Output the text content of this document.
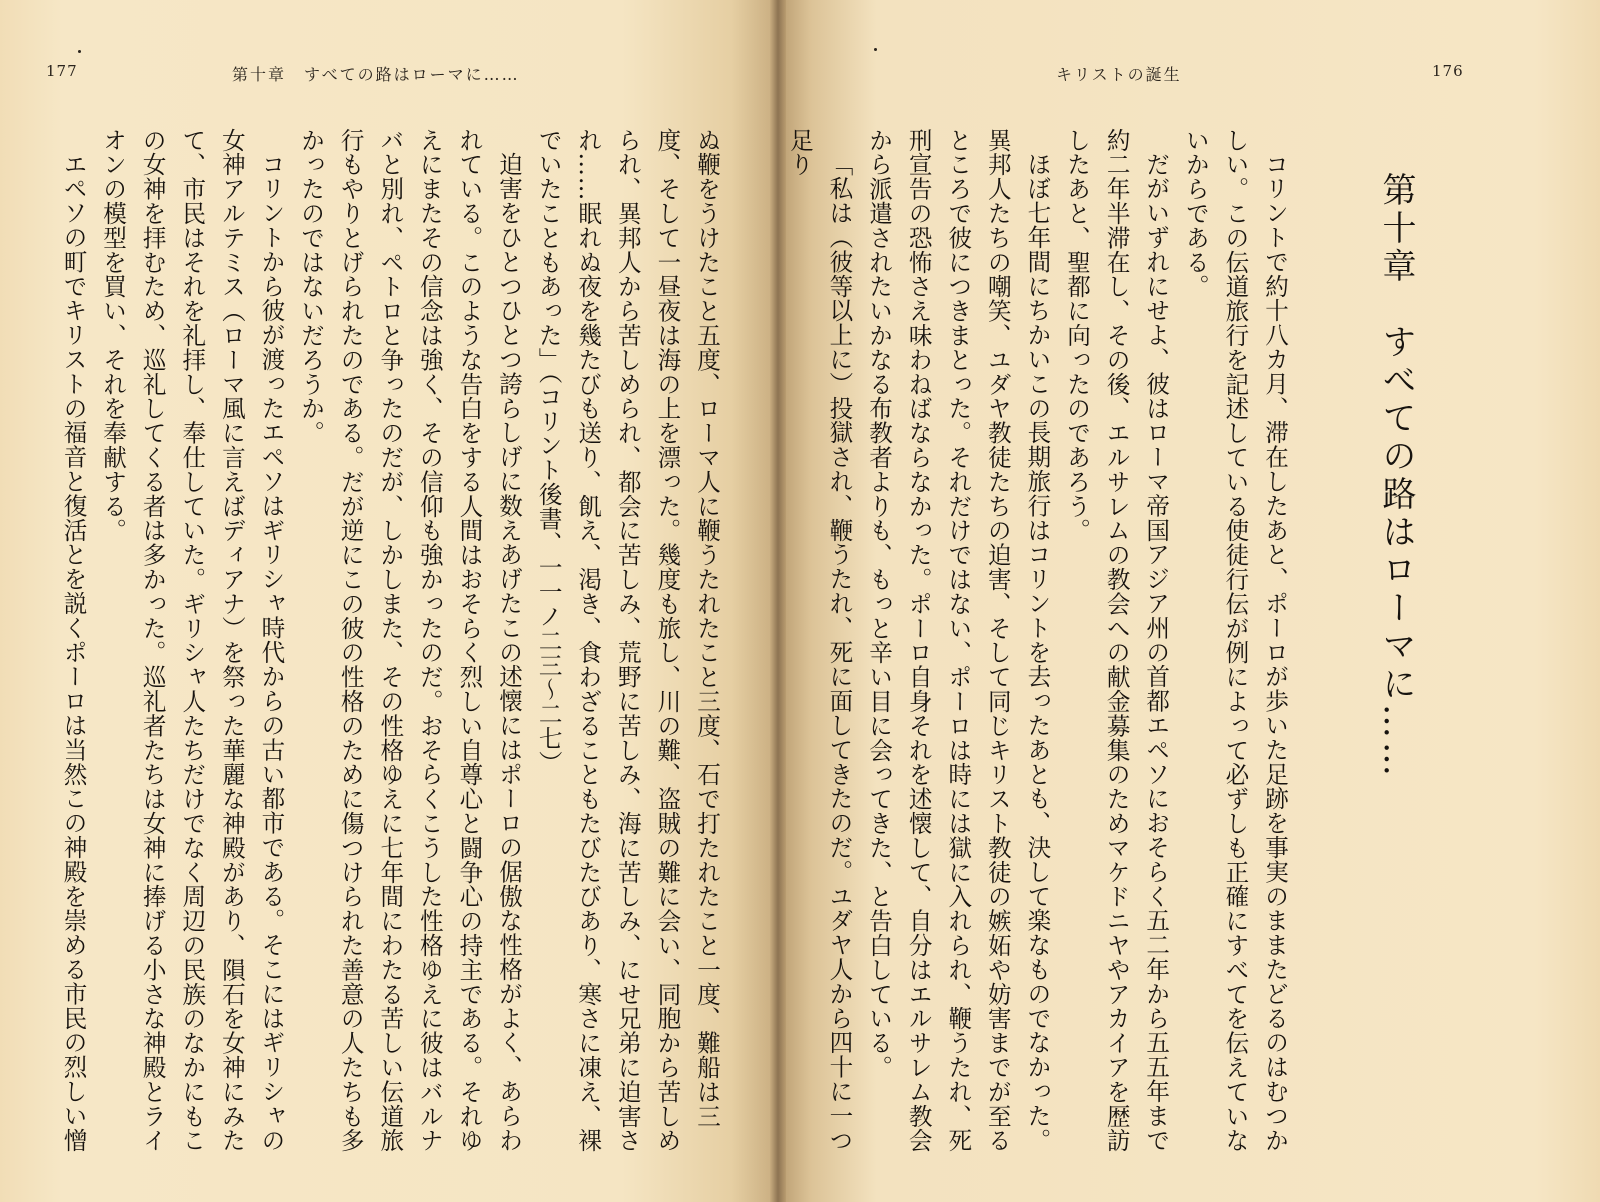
177	第十章　すべての路はローマに……

ぬ鞭をうけたこと五度、ローマ人に鞭うたれたこと三度、石で打たれたこと一度、難船は三度、そして一昼夜は海の上を漂った。幾度も旅し、川の難、盗賊の難に会い、同胞から苦しめられ、異邦人から苦しめられ、都会に苦しみ、荒野に苦しみ、海に苦しみ、にせ兄弟に迫害され……眠れぬ夜を幾たびも送り、飢え、渇き、食わざることもたびたびあり、寒さに凍え、裸でいたこともあった」（コリント後書、一一ノ二三〜二七）

迫害をひとつひとつ誇らしげに数えあげたこの述懐にはポーロの倨傲な性格がよく、あらわれている。このような告白をする人間はおそらく烈しい自尊心と闘争心の持主である。それゆえにまたその信念は強く、その信仰も強かったのだ。おそらくこうした性格ゆえに彼はバルナバと別れ、ペトロと争ったのだが、しかしまた、その性格ゆえに七年間にわたる苦しい伝道旅行もやりとげられたのである。だが逆にこの彼の性格のために傷つけられた善意の人たちも多かったのではないだろうか。

コリントから彼が渡ったエペソはギリシャ時代からの古い都市である。そこにはギリシャの女神アルテミス（ローマ風に言えばディアナ）を祭った華麗な神殿があり、隕石を女神にみたて、市民はそれを礼拝し、奉仕していた。ギリシャ人たちだけでなく周辺の民族のなかにもこの女神を拝むため、巡礼してくる者は多かった。巡礼者たちは女神に捧げる小さな神殿とライオンの模型を買い、それを奉献する。

エペソの町でキリストの福音と復活とを説くポーロは当然この神殿を崇める市民の烈しい憎

キリストの誕生	176

コリントで約十八カ月、滞在したあと、ポーロが歩いた足跡を事実のままたどるのはむつかしい。この伝道旅行を記述している使徒行伝が例によって必ずしも正確にすべてを伝えていないからである。

だがいずれにせよ、彼はローマ帝国アジア州の首都エペソにおそらく五二年から五五年まで約二年半滞在し、その後、エルサレムの教会への献金募集のためマケドニヤやアカイアを歴訪したあと、聖都に向ったのであろう。

ほぼ七年間にちかいこの長期旅行はコリントを去ったあとも、決して楽なものでなかった。異邦人たちの嘲笑、ユダヤ教徒たちの迫害、そして同じキリスト教徒の嫉妬や妨害までが至るところで彼につきまとった。それだけではない、ポーロは時には獄に入れられ、鞭うたれ、死刑宣告の恐怖さえ味わねばならなかった。ポーロ自身それを述懐して、自分はエルサレム教会から派遣されたいかなる布教者よりも、もっと辛い目に会ってきた、と告白している。

「私は（彼等以上に）投獄され、鞭うたれ、死に面してきたのだ。ユダヤ人から四十に一つ足り

第十章　すべての路はローマに……
